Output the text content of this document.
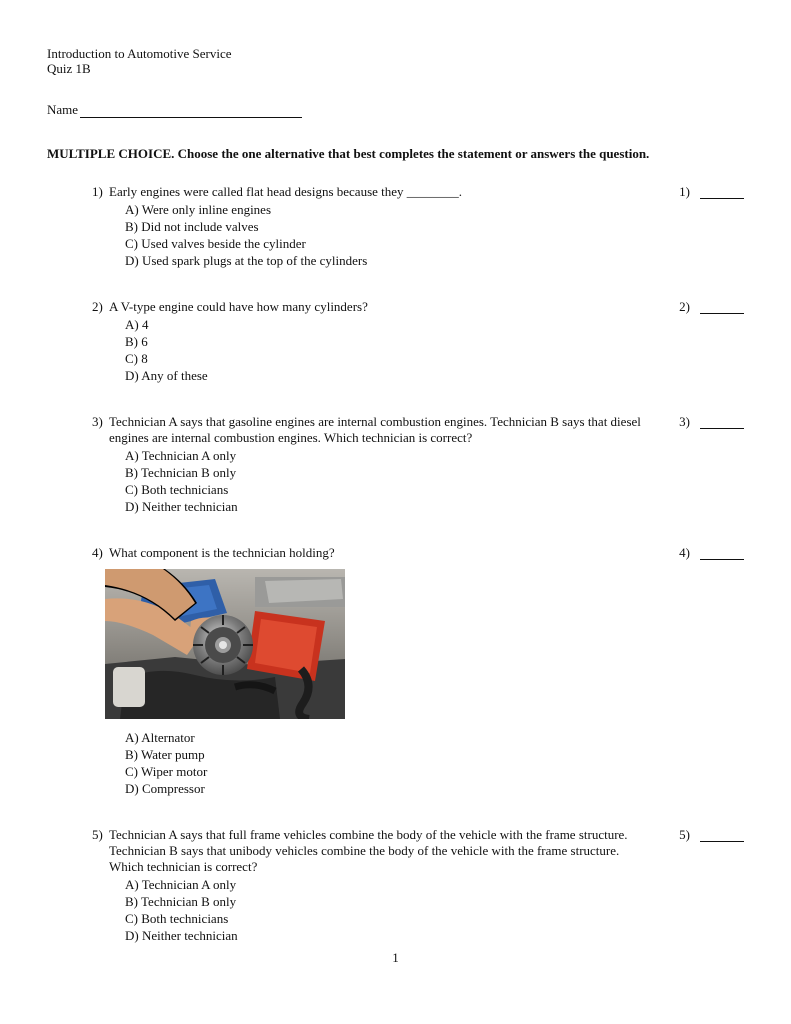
Introduction to Automotive Service
Quiz 1B
Name
MULTIPLE CHOICE. Choose the one alternative that best completes the statement or answers the question.
1) Early engines were called flat head designs because they ________.
A) Were only inline engines
B) Did not include valves
C) Used valves beside the cylinder
D) Used spark plugs at the top of the cylinders
1)
2) A V-type engine could have how many cylinders?
A) 4
B) 6
C) 8
D) Any of these
2)
3) Technician A says that gasoline engines are internal combustion engines. Technician B says that diesel engines are internal combustion engines. Which technician is correct?
A) Technician A only
B) Technician B only
C) Both technicians
D) Neither technician
3)
4) What component is the technician holding?
A) Alternator
B) Water pump
C) Wiper motor
D) Compressor
4)
5) Technician A says that full frame vehicles combine the body of the vehicle with the frame structure. Technician B says that unibody vehicles combine the body of the vehicle with the frame structure. Which technician is correct?
A) Technician A only
B) Technician B only
C) Both technicians
D) Neither technician
5)
1
